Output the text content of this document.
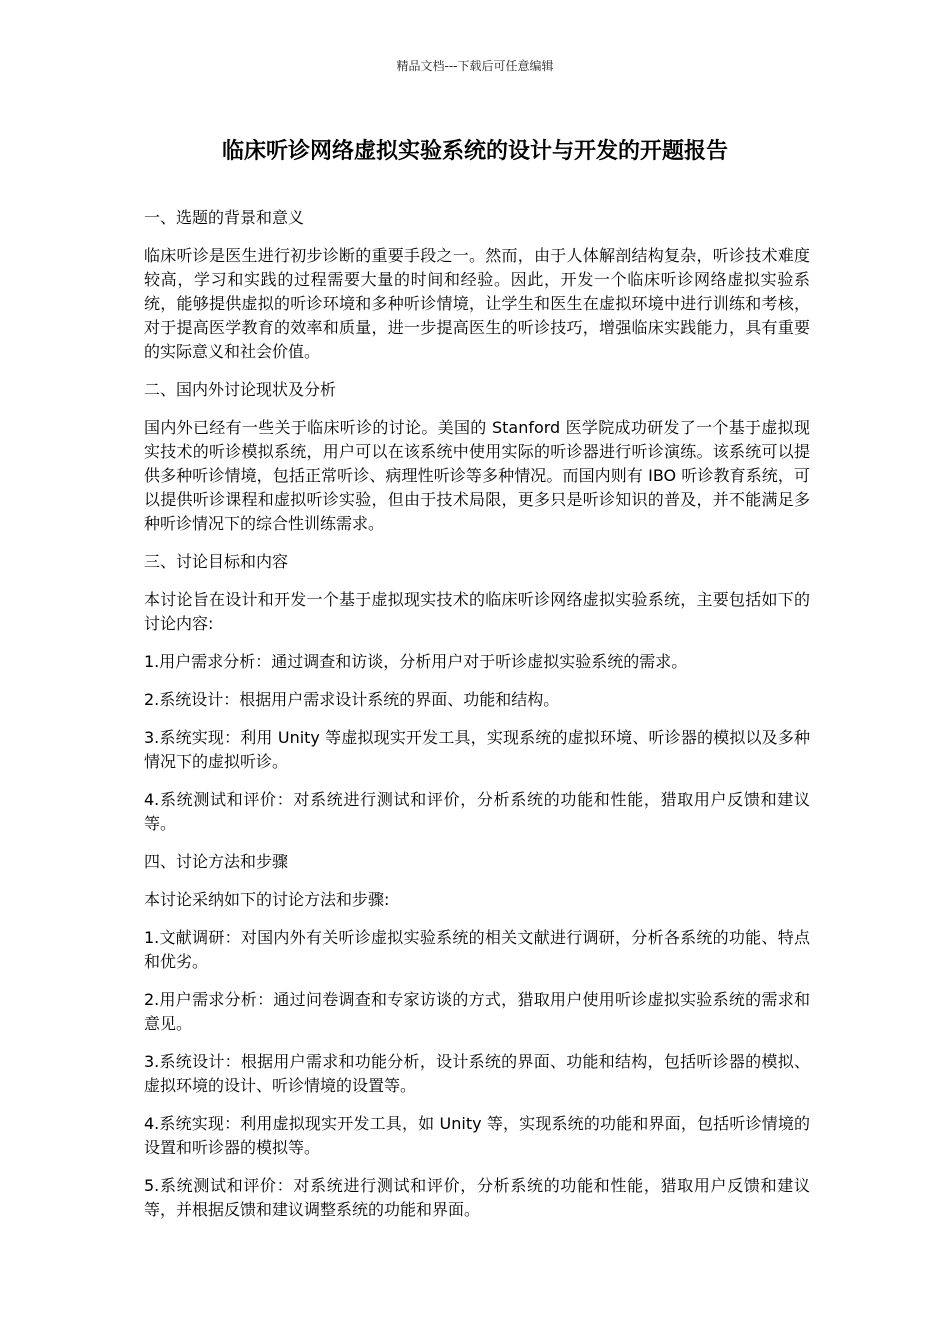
精品文档---下载后可任意编辑
临床听诊网络虚拟实验系统的设计与开发的开题报告

一、选题的背景和意义

临床听诊是医生进行初步诊断的重要手段之一。然而，由于人体解剖结构复杂，听诊技术难度较高，学习和实践的过程需要大量的时间和经验。因此，开发一个临床听诊网络虚拟实验系统，能够提供虚拟的听诊环境和多种听诊情境，让学生和医生在虚拟环境中进行训练和考核，对于提高医学教育的效率和质量，进一步提高医生的听诊技巧，增强临床实践能力，具有重要的实际意义和社会价值。

二、国内外讨论现状及分析

国内外已经有一些关于临床听诊的讨论。美国的 Stanford 医学院成功研发了一个基于虚拟现实技术的听诊模拟系统，用户可以在该系统中使用实际的听诊器进行听诊演练。该系统可以提供多种听诊情境，包括正常听诊、病理性听诊等多种情况。而国内则有 IBO 听诊教育系统，可以提供听诊课程和虚拟听诊实验，但由于技术局限，更多只是听诊知识的普及，并不能满足多种听诊情况下的综合性训练需求。

三、讨论目标和内容

本讨论旨在设计和开发一个基于虚拟现实技术的临床听诊网络虚拟实验系统，主要包括如下的讨论内容:

1.用户需求分析：通过调查和访谈，分析用户对于听诊虚拟实验系统的需求。

2.系统设计：根据用户需求设计系统的界面、功能和结构。

3.系统实现：利用 Unity 等虚拟现实开发工具，实现系统的虚拟环境、听诊器的模拟以及多种情况下的虚拟听诊。

4.系统测试和评价：对系统进行测试和评价，分析系统的功能和性能，猎取用户反馈和建议等。

四、讨论方法和步骤

本讨论采纳如下的讨论方法和步骤:

1.文献调研：对国内外有关听诊虚拟实验系统的相关文献进行调研，分析各系统的功能、特点和优劣。

2.用户需求分析：通过问卷调查和专家访谈的方式，猎取用户使用听诊虚拟实验系统的需求和意见。

3.系统设计：根据用户需求和功能分析，设计系统的界面、功能和结构，包括听诊器的模拟、虚拟环境的设计、听诊情境的设置等。

4.系统实现：利用虚拟现实开发工具，如 Unity 等，实现系统的功能和界面，包括听诊情境的设置和听诊器的模拟等。

5.系统测试和评价：对系统进行测试和评价，分析系统的功能和性能，猎取用户反馈和建议等，并根据反馈和建议调整系统的功能和界面。
